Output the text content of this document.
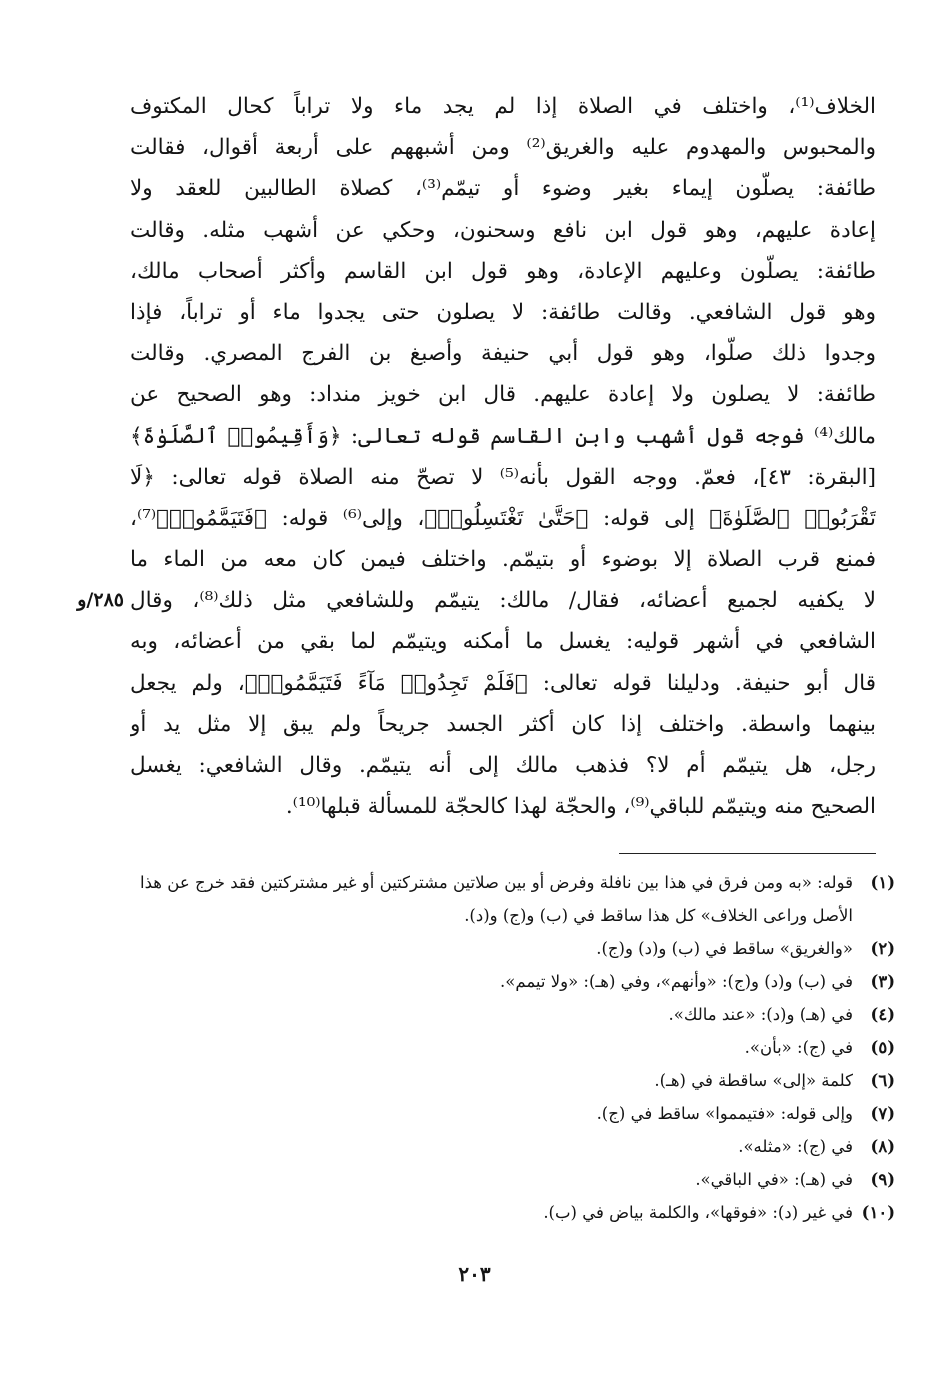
الخلاف⁽¹⁾، واختلف في الصلاة إذا لم يجد ماء ولا تراباً كحال المكتوف
والمحبوس والمهدوم عليه والغريق⁽²⁾ ومن أشبههم على أربعة أقوال، فقالت
طائفة: يصلّون إيماء بغير وضوء أو تيمّم⁽³⁾، كصلاة الطالبين للعقد ولا
إعادة عليهم، وهو قول ابن نافع وسحنون، وحكي عن أشهب مثله. وقالت
طائفة: يصلّون وعليهم الإعادة، وهو قول ابن القاسم وأكثر أصحاب مالك،
وهو قول الشافعي. وقالت طائفة: لا يصلون حتى يجدوا ماء أو تراباً، فإذا
وجدوا ذلك صلّوا، وهو قول أبي حنيفة وأصبغ بن الفرج المصري. وقالت
طائفة: لا يصلون ولا إعادة عليهم. قال ابن خويز منداد: وهو الصحيح عن
مالك⁽⁴⁾ فوجه قول أشهب وابن القاسم قوله تعالى: ﴿وَأَقِيمُوا۟ ٱلصَّلَوٰةَ﴾
[البقرة: ٤٣]، فعمّ. ووجه القول بأنه⁽⁵⁾ لا تصحّ منه الصلاة قوله تعالى: ﴿لَا
تَقْرَبُوا۟ ٱلصَّلَوٰةَ﴾ إلى قوله: ﴿حَتَّىٰ تَغْتَسِلُوا۟﴾، وإلى⁽⁶⁾ قوله: ﴿فَتَيَمَّمُوا۟﴾⁽⁷⁾،
فمنع قرب الصلاة إلا بوضوء أو بتيمّم. واختلف فيمن كان معه من الماء ما
لا يكفيه لجميع أعضائه، فقال/ مالك: يتيمّم وللشافعي مثل ذلك⁽⁸⁾، وقال
الشافعي في أشهر قوليه: يغسل ما أمكنه ويتيمّم لما بقي من أعضائه، وبه
قال أبو حنيفة. ودليلنا قوله تعالى: ﴿فَلَمْ تَجِدُوا۟ مَآءً فَتَيَمَّمُوا۟﴾، ولم يجعل
بينهما واسطة. واختلف إذا كان أكثر الجسد جريحاً ولم يبق إلا مثل يد أو
رجل، هل يتيمّم أم لا؟ فذهب مالك إلى أنه يتيمّم. وقال الشافعي: يغسل
الصحيح منه ويتيمّم للباقي⁽⁹⁾، والحجّة لهذا كالحجّة للمسألة قبلها⁽¹⁰⁾.
٢٨٥/و
(١)
قوله: «به ومن فرق في هذا بين نافلة وفرض أو بين صلاتين مشتركتين أو غير مشتركتين فقد خرج عن هذا الأصل وراعى الخلاف» كل هذا ساقط في (ب) و(ج) و(د).
(٢)
«والغريق» ساقط في (ب) و(د) و(ج).
(٣)
في (ب) و(د) و(ج): «وأنهم»، وفي (هـ): «ولا تيمم».
(٤)
في (هـ) و(د): «عند مالك».
(٥)
في (ج): «بأن».
(٦)
كلمة «إلى» ساقطة في (هـ).
(٧)
وإلى قوله: «فتيمموا» ساقط في (ج).
(٨)
في (ج): «مثله».
(٩)
في (هـ): «في الباقي».
(١٠)
في غير (د): «فوقها»، والكلمة بياض في (ب).
٢٠٣
